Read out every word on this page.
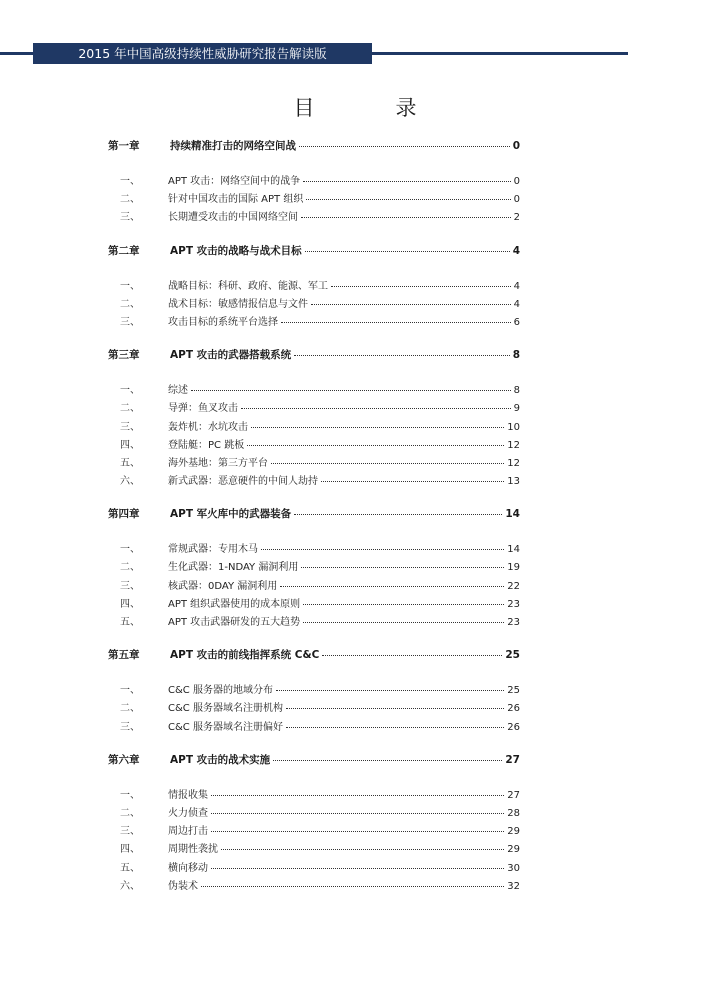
2015 年中国高级持续性威胁研究报告解读版
目　录
第一章	持续精准打击的网络空间战	0
一、	APT 攻击：网络空间中的战争	0
二、	针对中国攻击的国际 APT 组织	0
三、	长期遭受攻击的中国网络空间	2
第二章	APT 攻击的战略与战术目标	4
一、	战略目标：科研、政府、能源、军工	4
二、	战术目标：敏感情报信息与文件	4
三、	攻击目标的系统平台选择	6
第三章	APT 攻击的武器搭载系统	8
一、	综述	8
二、	导弹：鱼叉攻击	9
三、	轰炸机：水坑攻击	10
四、	登陆艇：PC 跳板	12
五、	海外基地：第三方平台	12
六、	新式武器：恶意硬件的中间人劫持	13
第四章	APT 军火库中的武器装备	14
一、	常规武器：专用木马	14
二、	生化武器：1-NDAY 漏洞利用	19
三、	核武器：0DAY 漏洞利用	22
四、	APT 组织武器使用的成本原则	23
五、	APT 攻击武器研发的五大趋势	23
第五章	APT 攻击的前线指挥系统 C&C	25
一、	C&C 服务器的地域分布	25
二、	C&C 服务器域名注册机构	26
三、	C&C 服务器域名注册偏好	26
第六章	APT 攻击的战术实施	27
一、	情报收集	27
二、	火力侦查	28
三、	周边打击	29
四、	周期性袭扰	29
五、	横向移动	30
六、	伪装术	32
